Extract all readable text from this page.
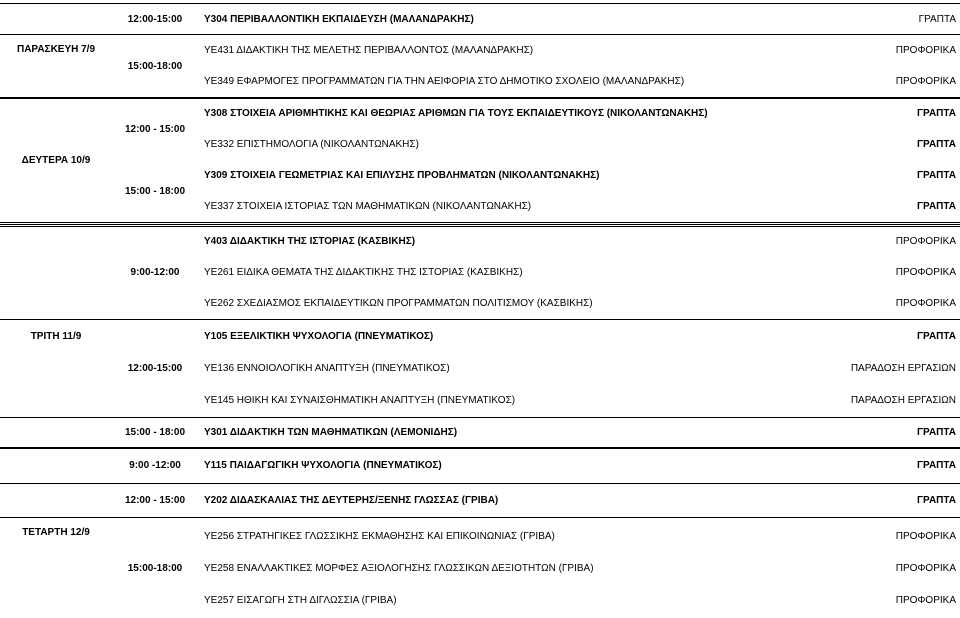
ΠΑΡΑΣΚΕΥΗ 7/9
12:00-15:00	Υ304 ΠΕΡΙΒΑΛΛΟΝΤΙΚΗ ΕΚΠΑΙΔΕΥΣΗ (ΜΑΛΑΝΔΡΑΚΗΣ)	ΓΡΑΠΤΑ
15:00-18:00
ΥΕ431 ΔΙΔΑΚΤΙΚΗ ΤΗΣ ΜΕΛΕΤΗΣ ΠΕΡΙΒΑΛΛΟΝΤΟΣ (ΜΑΛΑΝΔΡΑΚΗΣ)	ΠΡΟΦΟΡΙΚΑ
ΥΕ349 ΕΦΑΡΜΟΓΕΣ ΠΡΟΓΡΑΜΜΑΤΩΝ ΓΙΑ ΤΗΝ ΑΕΙΦΟΡΙΑ ΣΤΟ ΔΗΜΟΤΙΚΟ ΣΧΟΛΕΙΟ (ΜΑΛΑΝΔΡΑΚΗΣ)	ΠΡΟΦΟΡΙΚΑ
ΔΕΥΤΕΡΑ 10/9
12:00 - 15:00
Υ308 ΣΤΟΙΧΕΙΑ ΑΡΙΘΜΗΤΙΚΗΣ ΚΑΙ ΘΕΩΡΙΑΣ ΑΡΙΘΜΩΝ ΓΙΑ ΤΟΥΣ ΕΚΠΑΙΔΕΥΤΙΚΟΥΣ (ΝΙΚΟΛΑΝΤΩΝΑΚΗΣ)	ΓΡΑΠΤΑ
ΥΕ332 ΕΠΙΣΤΗΜΟΛΟΓΙΑ (ΝΙΚΟΛΑΝΤΩΝΑΚΗΣ)	ΓΡΑΠΤΑ
15:00 - 18:00
Υ309 ΣΤΟΙΧΕΙΑ ΓΕΩΜΕΤΡΙΑΣ ΚΑΙ ΕΠΙΛΥΣΗΣ ΠΡΟΒΛΗΜΑΤΩΝ (ΝΙΚΟΛΑΝΤΩΝΑΚΗΣ)	ΓΡΑΠΤΑ
ΥΕ337 ΣΤΟΙΧΕΙΑ ΙΣΤΟΡΙΑΣ ΤΩΝ ΜΑΘΗΜΑΤΙΚΩΝ (ΝΙΚΟΛΑΝΤΩΝΑΚΗΣ)	ΓΡΑΠΤΑ
ΤΡΙΤΗ 11/9
9:00-12:00
Υ403 ΔΙΔΑΚΤΙΚΗ ΤΗΣ ΙΣΤΟΡΙΑΣ (ΚΑΣΒΙΚΗΣ)	ΠΡΟΦΟΡΙΚΑ
ΥΕ261 ΕΙΔΙΚΑ ΘΕΜΑΤΑ ΤΗΣ ΔΙΔΑΚΤΙΚΗΣ ΤΗΣ ΙΣΤΟΡΙΑΣ (ΚΑΣΒΙΚΗΣ)	ΠΡΟΦΟΡΙΚΑ
ΥΕ262 ΣΧΕΔΙΑΣΜΟΣ ΕΚΠΑΙΔΕΥΤΙΚΩΝ ΠΡΟΓΡΑΜΜΑΤΩΝ ΠΟΛΙΤΙΣΜΟΥ (ΚΑΣΒΙΚΗΣ)	ΠΡΟΦΟΡΙΚΑ
12:00-15:00
Υ105 ΕΞΕΛΙΚΤΙΚΗ ΨΥΧΟΛΟΓΙΑ (ΠΝΕΥΜΑΤΙΚΟΣ)	ΓΡΑΠΤΑ
ΥΕ136 ΕΝΝΟΙΟΛΟΓΙΚΗ ΑΝΑΠΤΥΞΗ (ΠΝΕΥΜΑΤΙΚΟΣ)	ΠΑΡΑΔΟΣΗ ΕΡΓΑΣΙΩΝ
ΥΕ145 ΗΘΙΚΗ ΚΑΙ ΣΥΝΑΙΣΘΗΜΑΤΙΚΗ ΑΝΑΠΤΥΞΗ (ΠΝΕΥΜΑΤΙΚΟΣ)	ΠΑΡΑΔΟΣΗ ΕΡΓΑΣΙΩΝ
15:00 - 18:00	Υ301 ΔΙΔΑΚΤΙΚΗ ΤΩΝ ΜΑΘΗΜΑΤΙΚΩΝ (ΛΕΜΟΝΙΔΗΣ)	ΓΡΑΠΤΑ
ΤΕΤΑΡΤΗ 12/9
9:00 -12:00	Υ115 ΠΑΙΔΑΓΩΓΙΚΗ ΨΥΧΟΛΟΓΙΑ (ΠΝΕΥΜΑΤΙΚΟΣ)	ΓΡΑΠΤΑ
12:00 - 15:00	Υ202 ΔΙΔΑΣΚΑΛΙΑΣ ΤΗΣ ΔΕΥΤΕΡΗΣ/ΞΕΝΗΣ ΓΛΩΣΣΑΣ (ΓΡΙΒΑ)	ΓΡΑΠΤΑ
15:00-18:00
ΥΕ256 ΣΤΡΑΤΗΓΙΚΕΣ ΓΛΩΣΣΙΚΗΣ ΕΚΜΑΘΗΣΗΣ ΚΑΙ ΕΠΙΚΟΙΝΩΝΙΑΣ (ΓΡΙΒΑ)	ΠΡΟΦΟΡΙΚΑ
ΥΕ258 ΕΝΑΛΛΑΚΤΙΚΕΣ ΜΟΡΦΕΣ ΑΞΙΟΛΟΓΗΣΗΣ ΓΛΩΣΣΙΚΩΝ ΔΕΞΙΟΤΗΤΩΝ (ΓΡΙΒΑ)	ΠΡΟΦΟΡΙΚΑ
ΥΕ257 ΕΙΣΑΓΩΓΗ ΣΤΗ ΔΙΓΛΩΣΣΙΑ (ΓΡΙΒΑ)	ΠΡΟΦΟΡΙΚΑ
